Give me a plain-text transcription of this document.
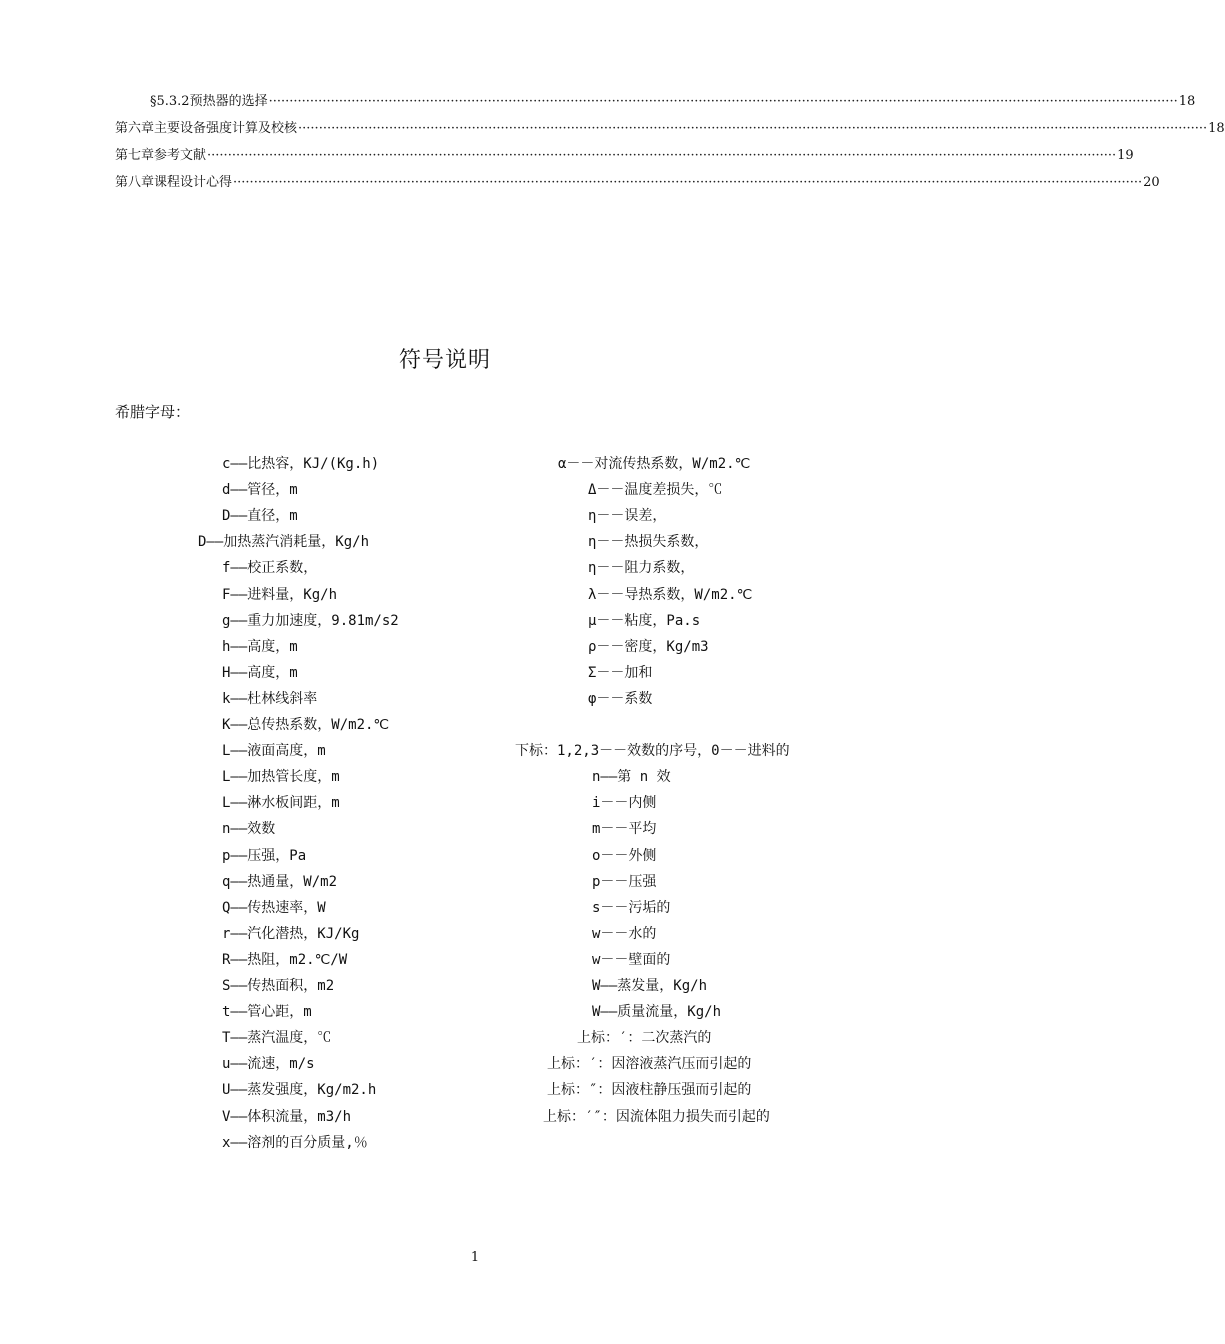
§5.3.2 预热器的选择 ···························································································································································································································· 18
第六章 主要设备强度计算及校核 ···························································································································································································································· 18
第七章 参考文献 ···························································································································································································································· 19
第八章 课程设计心得 ···························································································································································································································· 20
符号说明
希腊字母：
c——比热容，KJ/(Kg.h)
d——管径，m
D——直径，m
D——加热蒸汽消耗量，Kg/h
f——校正系数，
F——进料量，Kg/h
g——重力加速度，9.81m/s2
h——高度，m
H——高度，m
k——杜林线斜率
K——总传热系数，W/m2.℃
L——液面高度，m
L——加热管长度，m
L——淋水板间距，m
n——效数
p——压强，Pa
q——热通量，W/m2
Q——传热速率，W
r——汽化潜热，KJ/Kg
R——热阻，m2.℃/W
S——传热面积，m2
t——管心距，m
T——蒸汽温度，℃
u——流速，m/s
U——蒸发强度，Kg/m2.h
V——体积流量，m3/h
x——溶剂的百分质量,％
α－－对流传热系数，W/m2.℃
Δ－－温度差损失，℃
η－－误差，
η－－热损失系数，
η－－阻力系数，
λ－－导热系数，W/m2.℃
μ－－粘度，Pa.s
ρ－－密度，Kg/m3
Σ－－加和
φ－－系数
下标：1,2,3－－效数的序号，0－－进料的
n——第 n 效
i－－内侧
m－－平均
o－－外侧
p－－压强
s－－污垢的
w－－水的
w－－壁面的
W——蒸发量，Kg/h
W——质量流量，Kg/h
上标：′：二次蒸汽的
上标：′：因溶液蒸汽压而引起的
上标：″：因液柱静压强而引起的
上标：′″：因流体阻力损失而引起的
1
